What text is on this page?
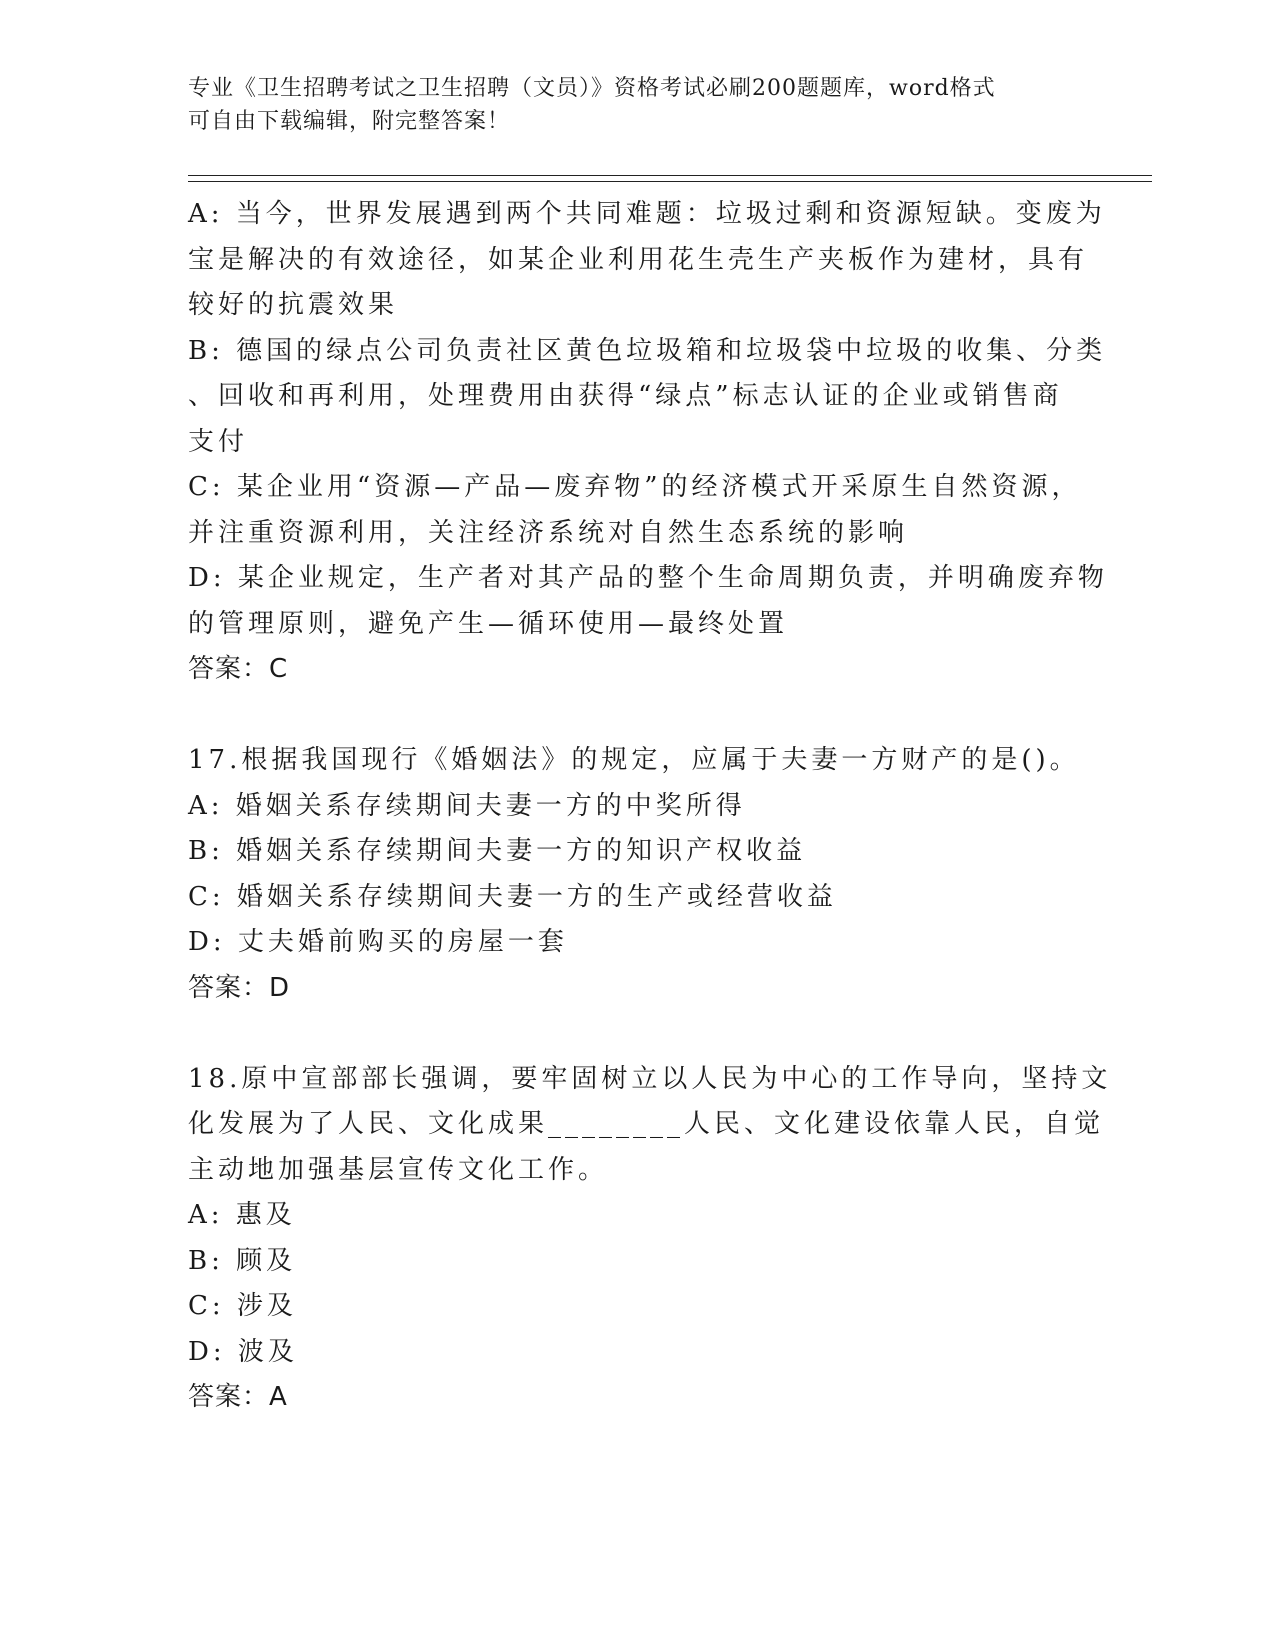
专业《卫生招聘考试之卫生招聘（文员）》资格考试必刷200题题库，word格式
可自由下载编辑，附完整答案！
A: 当今，世界发展遇到两个共同难题：垃圾过剩和资源短缺。变废为
宝是解决的有效途径，如某企业利用花生壳生产夹板作为建材，具有
较好的抗震效果
B: 德国的绿点公司负责社区黄色垃圾箱和垃圾袋中垃圾的收集、分类
、回收和再利用，处理费用由获得“绿点”标志认证的企业或销售商
支付
C: 某企业用“资源—产品—废弃物”的经济模式开采原生自然资源，
并注重资源利用，关注经济系统对自然生态系统的影响
D: 某企业规定，生产者对其产品的整个生命周期负责，并明确废弃物
的管理原则，避免产生—循环使用—最终处置
答案：C
17.根据我国现行《婚姻法》的规定，应属于夫妻一方财产的是()。
A: 婚姻关系存续期间夫妻一方的中奖所得
B: 婚姻关系存续期间夫妻一方的知识产权收益
C: 婚姻关系存续期间夫妻一方的生产或经营收益
D: 丈夫婚前购买的房屋一套
答案：D
18.原中宣部部长强调，要牢固树立以人民为中心的工作导向，坚持文
化发展为了人民、文化成果________人民、文化建设依靠人民，自觉
主动地加强基层宣传文化工作。
A: 惠及
B: 顾及
C: 涉及
D: 波及
答案：A
